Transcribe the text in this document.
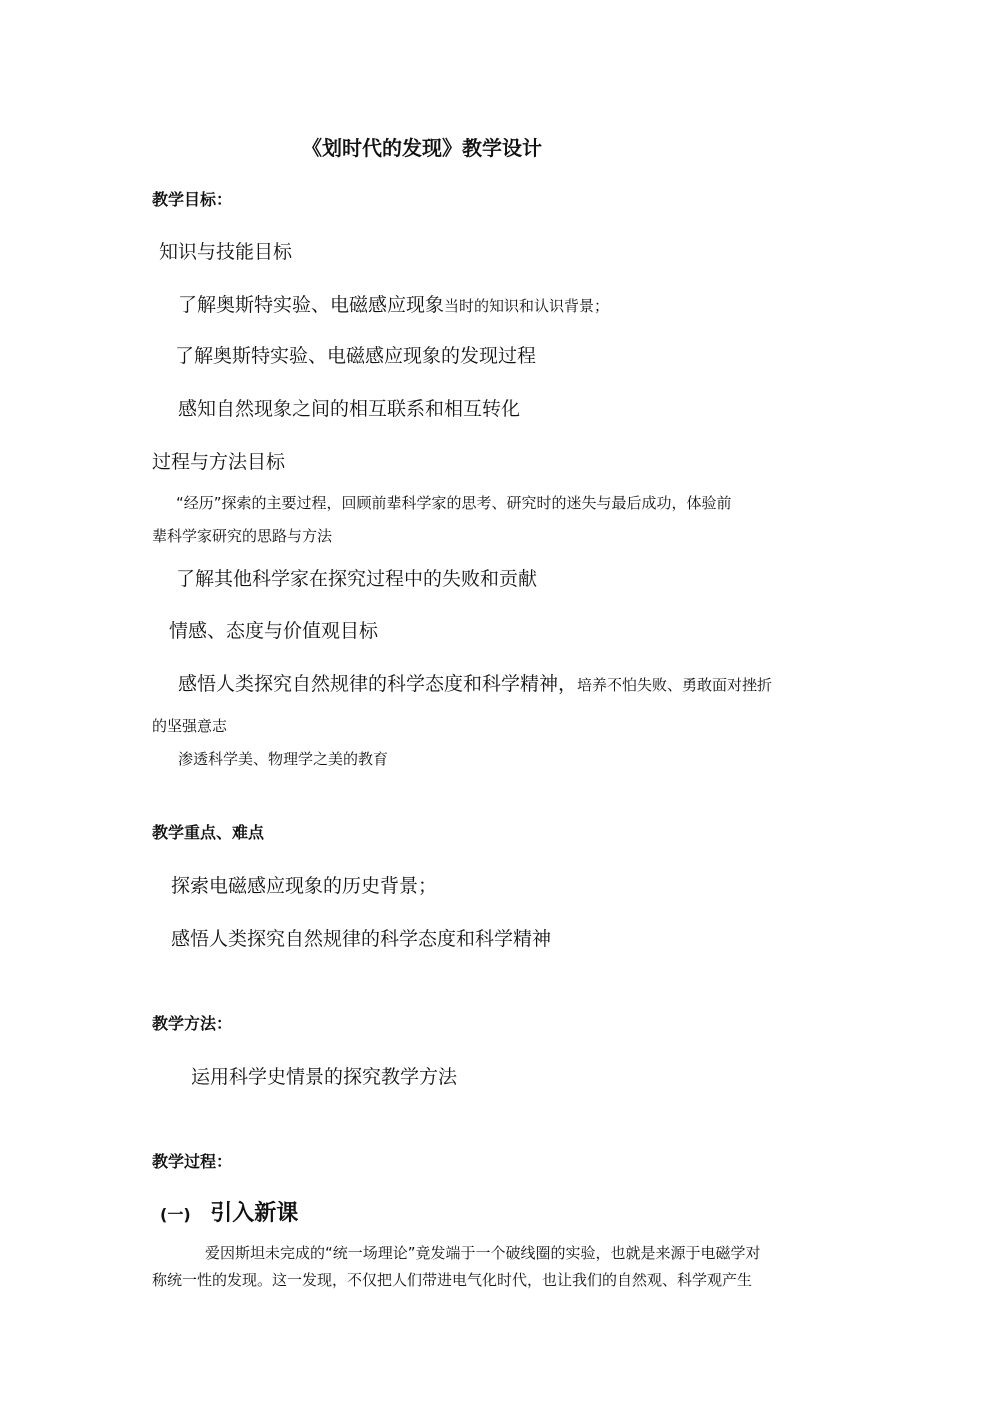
《划时代的发现》教学设计
教学目标：
知识与技能目标
了解奥斯特实验、电磁感应现象当时的知识和认识背景；
了解奥斯特实验、电磁感应现象的发现过程
感知自然现象之间的相互联系和相互转化
过程与方法目标
“经历”探索的主要过程，回顾前辈科学家的思考、研究时的迷失与最后成功，体验前
辈科学家研究的思路与方法
了解其他科学家在探究过程中的失败和贡献
情感、态度与价值观目标
感悟人类探究自然规律的科学态度和科学精神，培养不怕失败、勇敢面对挫折
的坚强意志
渗透科学美、物理学之美的教育
教学重点、难点
探索电磁感应现象的历史背景；
感悟人类探究自然规律的科学态度和科学精神
教学方法：
运用科学史情景的探究教学方法
教学过程：
(一) 引入新课
爱因斯坦未完成的“统一场理论”竟发端于一个破线圈的实验，也就是来源于电磁学对
称统一性的发现。这一发现，不仅把人们带进电气化时代，也让我们的自然观、科学观产生
